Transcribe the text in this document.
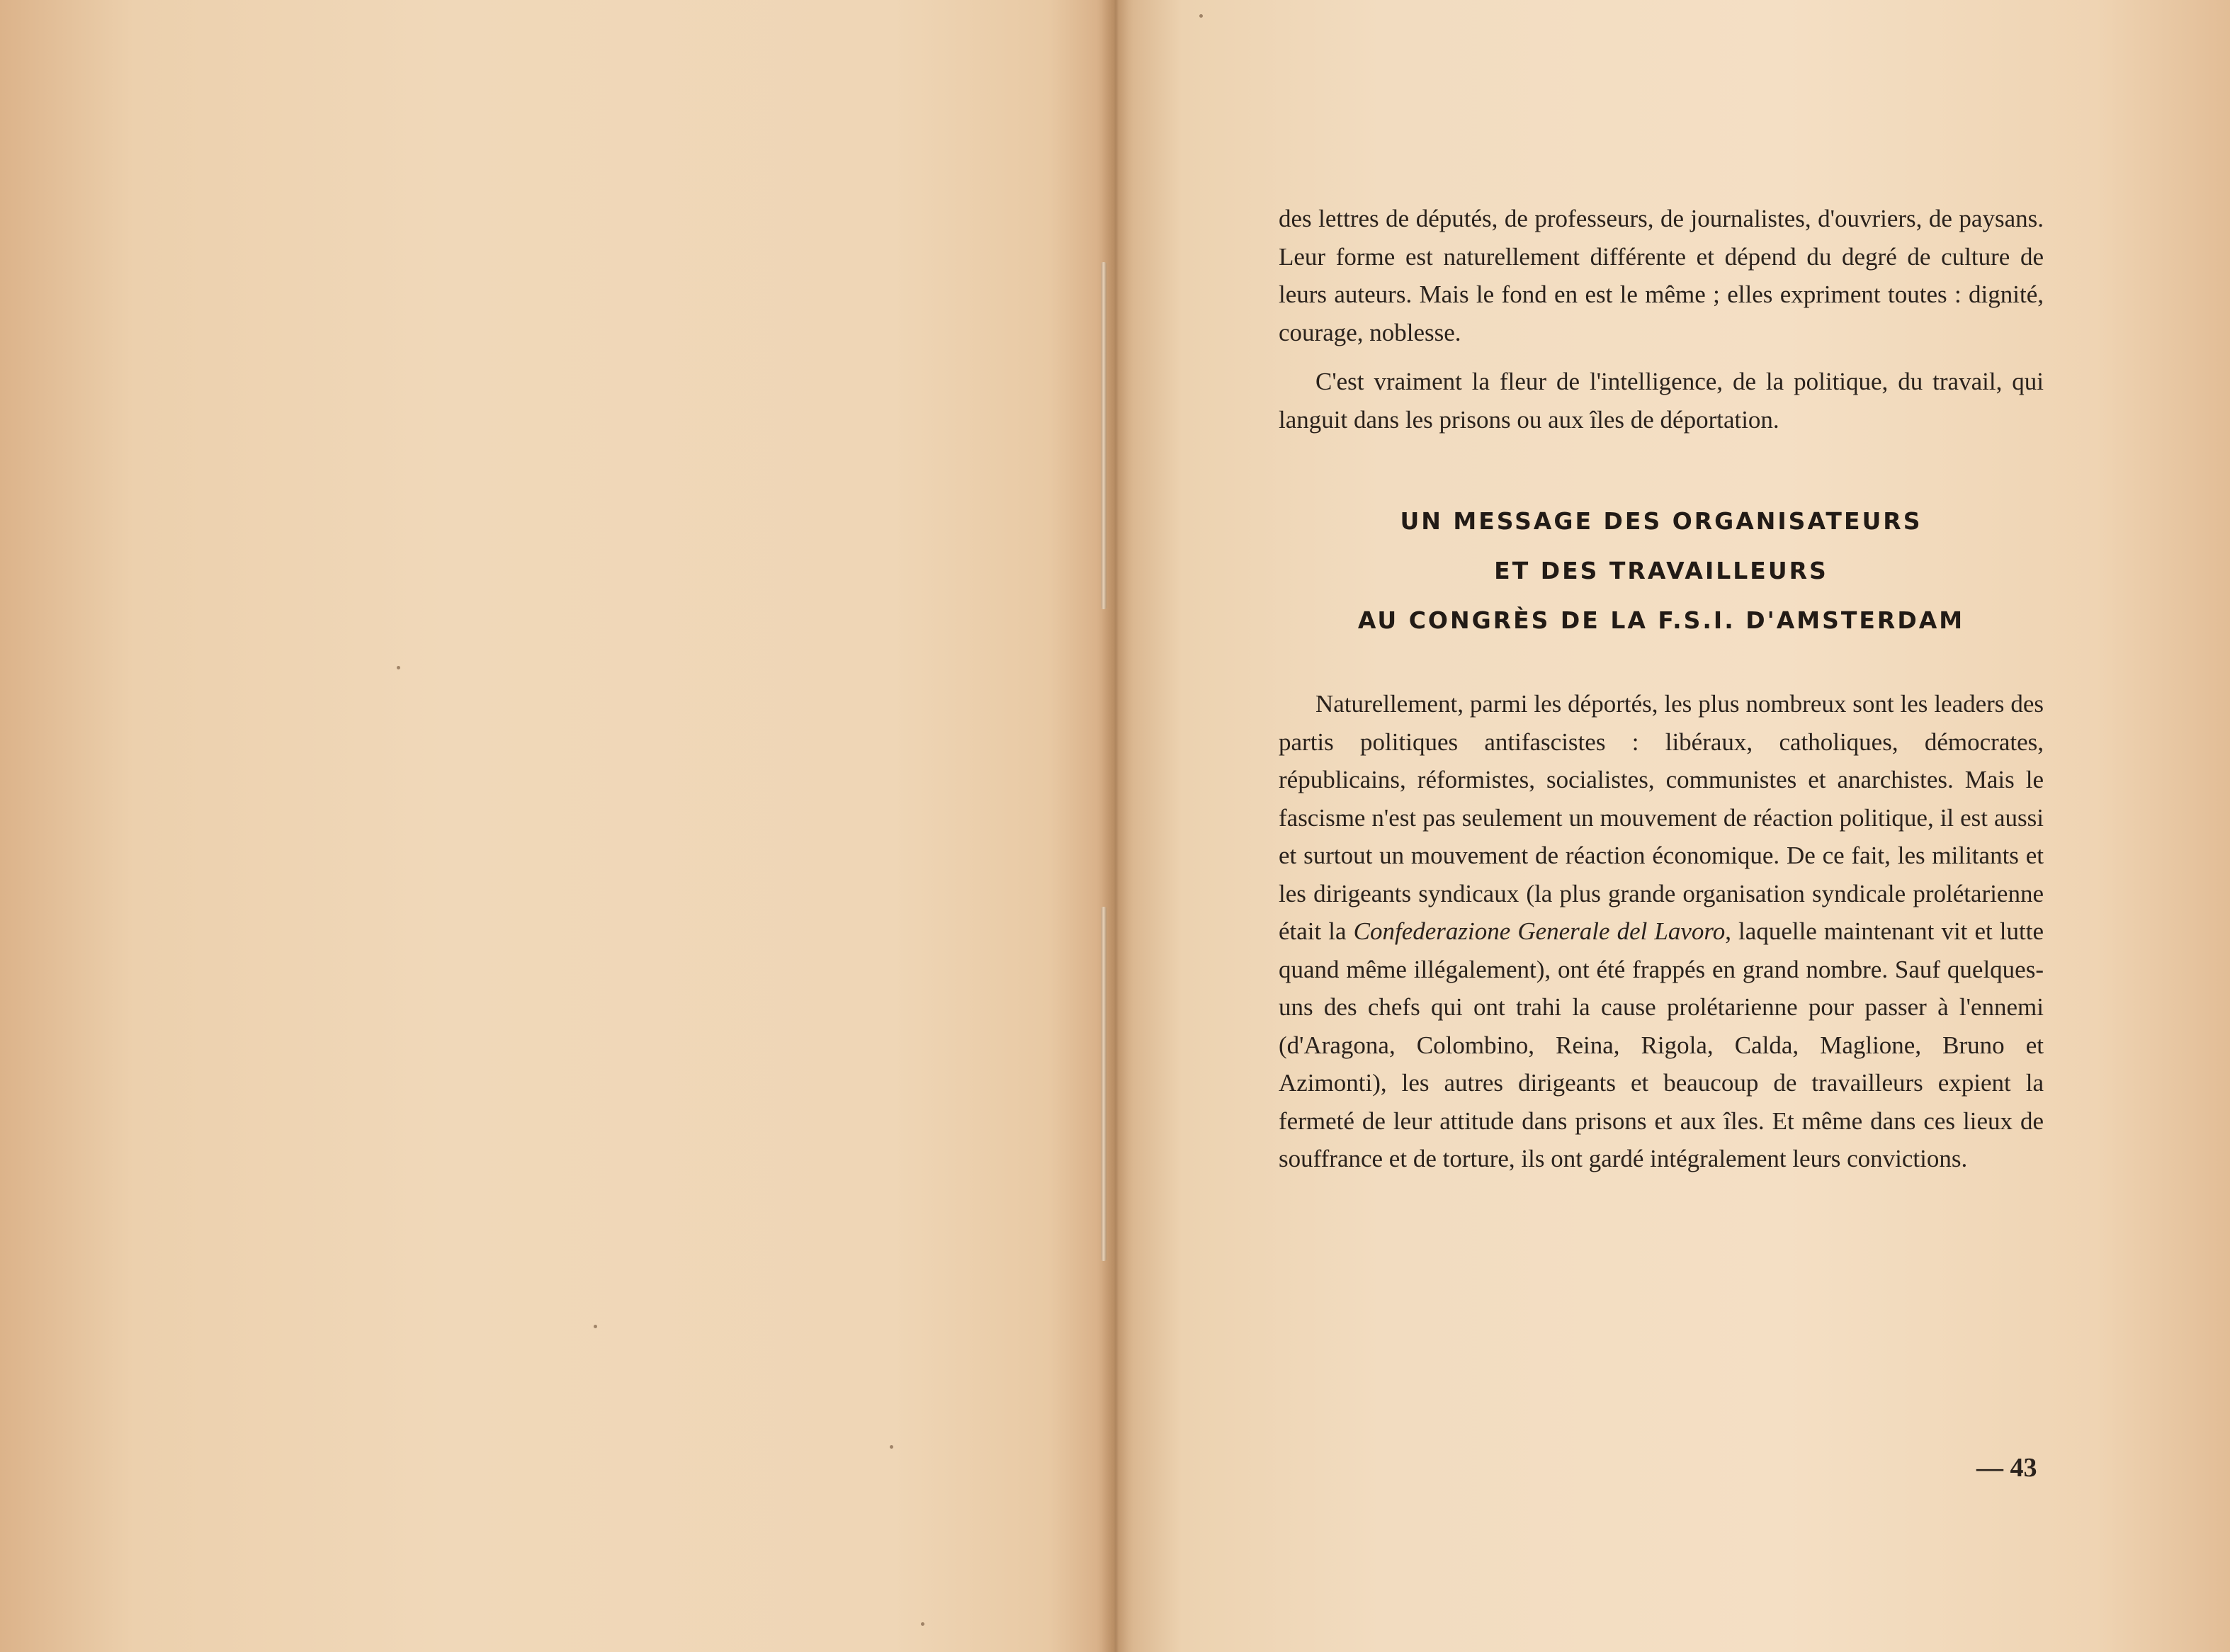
des lettres de députés, de professeurs, de journalistes, d'ouvriers, de paysans. Leur forme est naturellement différente et dépend du degré de culture de leurs auteurs. Mais le fond en est le même ; elles expriment toutes : dignité, courage, noblesse.

C'est vraiment la fleur de l'intelligence, de la politique, du travail, qui languit dans les prisons ou aux îles de déportation.

UN MESSAGE DES ORGANISATEURS
ET DES TRAVAILLEURS
AU CONGRÈS DE LA F.S.I. D'AMSTERDAM

Naturellement, parmi les déportés, les plus nombreux sont les leaders des partis politiques antifascistes : libéraux, catholiques, démocrates, républicains, réformistes, socialistes, communistes et anarchistes. Mais le fascisme n'est pas seulement un mouvement de réaction politique, il est aussi et surtout un mouvement de réaction économique. De ce fait, les militants et les dirigeants syndicaux (la plus grande organisation syndicale prolétarienne était la Confederazione Generale del Lavoro, laquelle maintenant vit et lutte quand même illégalement), ont été frappés en grand nombre. Sauf quelques-uns des chefs qui ont trahi la cause prolétarienne pour passer à l'ennemi (d'Aragona, Colombino, Reina, Rigola, Calda, Maglione, Bruno et Azimonti), les autres dirigeants et beaucoup de travailleurs expient la fermeté de leur attitude dans prisons et aux îles. Et même dans ces lieux de souffrance et de torture, ils ont gardé intégralement leurs convictions.

— 43
